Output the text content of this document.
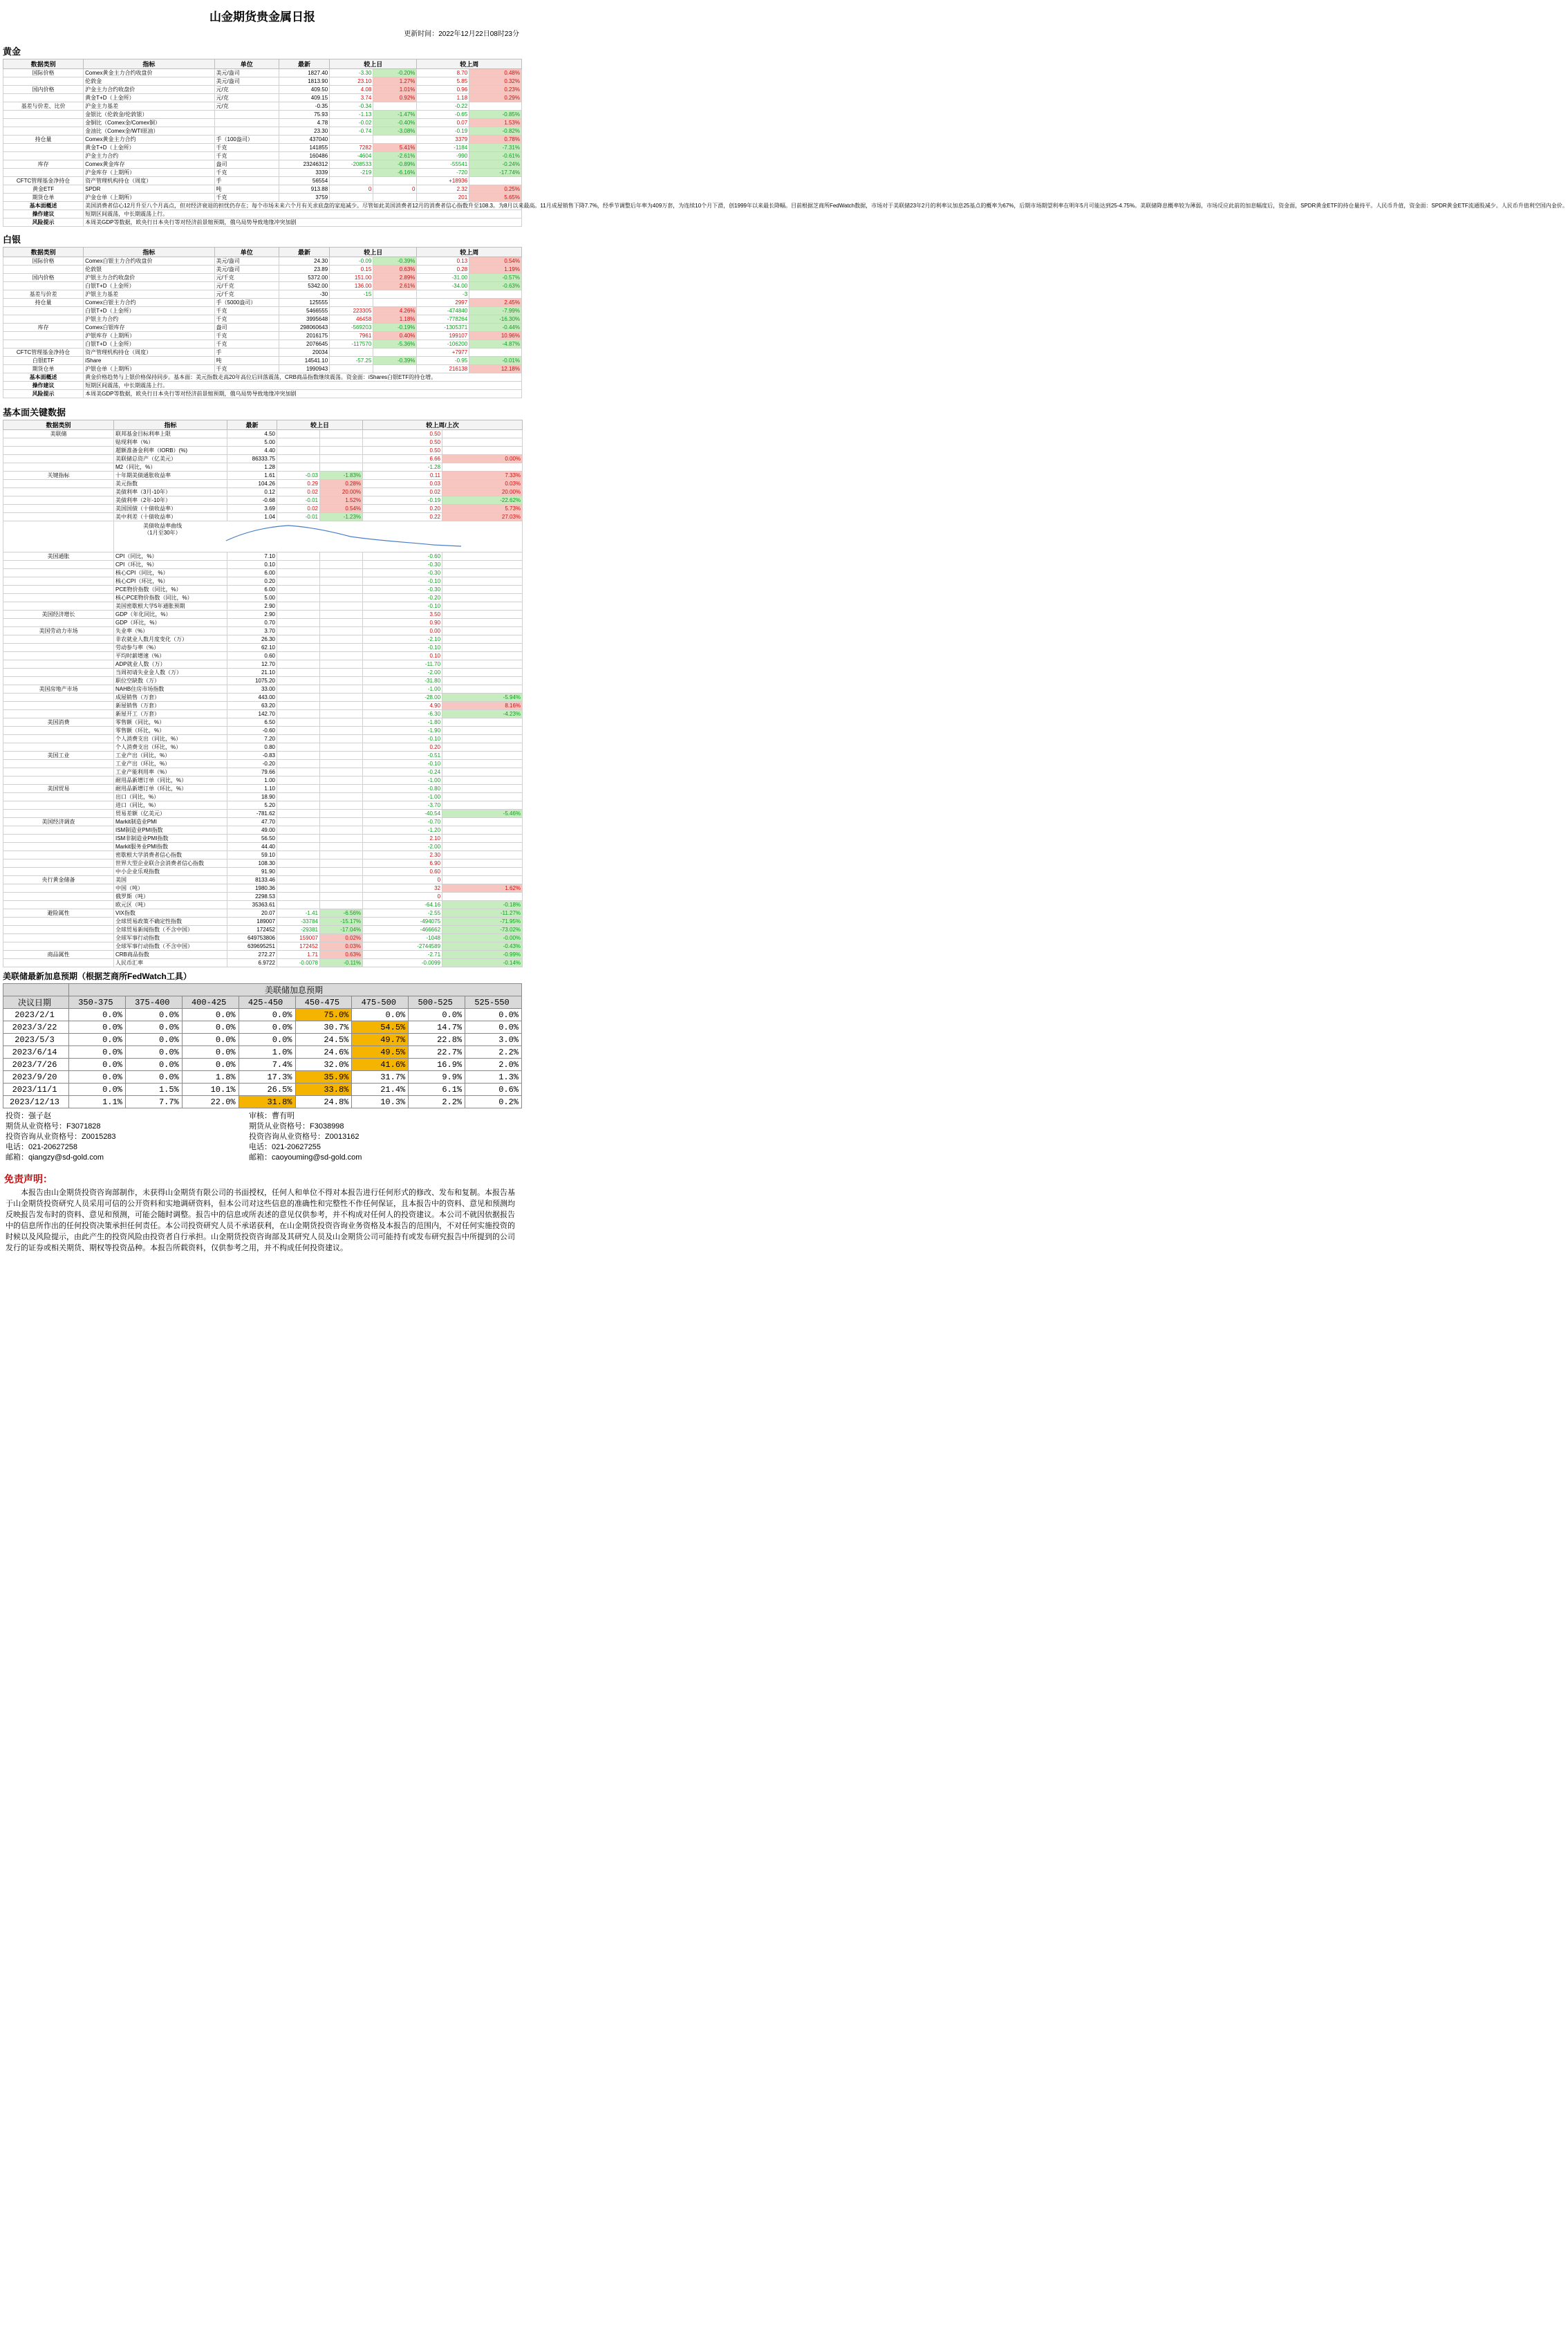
山金期货贵金属日报
更新时间：2022年12月22日08时23分
黄金
数据类别	指标	单位	最新	较上日		较上周	
国际价格	Comex黄金主力合约收盘价	美元/盎司	1827.40	-3.30	-0.20%	8.70	0.48%
	伦敦金	美元/盎司	1813.90	23.10	1.27%	5.85	0.32%
国内价格	沪金主力合约收盘价	元/克	409.50	4.08	1.01%	0.96	0.23%
	黄金T+D（上金所）	元/克	409.15	3.74	0.92%	1.18	0.29%
基差与价差、比价	沪金主力基差	元/克	-0.35	-0.34		-0.22	
	金银比（伦敦金/伦敦银）		75.93	-1.13	-1.47%	-0.65	-0.85%
	金铜比（Comex金/Comex铜）		4.78	-0.02	-0.40%	0.07	1.53%
	金油比（Comex金/WTI原油）		23.30	-0.74	-3.08%	-0.19	-0.82%
持仓量	Comex黄金主力合约	手（100盎司）	437040			3379	0.78%
	黄金T+D（上金所）	千克	141855	7282	5.41%	-1184	-7.31%
	沪金主力合约	千克	160486	-4604	-2.61%	-990	-0.61%
库存	Comex黄金库存	盎司	23246312	-208533	-0.89%	-55541	-0.24%
	沪金库存（上期所）	千克	3339	-219	-6.16%	-720	-17.74%
CFTC管理基金净持仓	资产管理机构持仓（周度）	手	56554			+18936	
黄金ETF	SPDR	吨	913.88	0	0	2.32	0.25%
期货仓单	沪金仓单（上期所）	千克	3759			201	5.65%
基本面概述	美国消费者信心12月升至八个月高点，但对经济衰退的担忧仍存在；每个市场未来六个月有关求底盘的家庭减少。尽管如此美国消费者12月的消费者信心指数升至108.3。为8月以来最高。11月成屋销售下降7.7%，经季节调整后年率为409万套，为连续10个月下滑，创1999年以来最长降幅。目前根据芝商所FedWatch数据，市场对于美联储23年2月的利率议加息25基点的概率为67%，后期市场期望利率在明年5月可能达到25-4.75%。美联储降息概率较为薄弱，市场反应此前的加息幅度后，资金面，SPDR黄金ETF的持仓量持平。人民币升值，资金面：SPDR黄金ETF流通股减少。人民币升值利空国内金价。						
操作建议	短期区间震荡，中长期震荡上行。						
风险提示	本周美GDP等数据，欧央行日本央行等对经济前景缩预期，俄乌局势导致地缘冲突加剧						
白银
数据类别	指标	单位	最新	较上日		较上周	
国际价格	Comex白银主力合约收盘价	美元/盎司	24.30	-0.09	-0.39%	0.13	0.54%
	伦敦银	美元/盎司	23.89	0.15	0.63%	0.28	1.19%
国内价格	沪银主力合约收盘价	元/千克	5372.00	151.00	2.89%	-31.00	-0.57%
	白银T+D（上金所）	元/千克	5342.00	136.00	2.61%	-34.00	-0.63%
基差与价差	沪银主力基差	元/千克	-30	-15		-3	
持仓量	Comex白银主力合约	手（5000盎司）	125555			2997	2.45%
	白银T+D（上金所）	千克	5466555	223305	4.26%	-474840	-7.99%
	沪银主力合约	千克	3995648	46458	1.18%	-778264	-16.30%
库存	Comex白银库存	盎司	298060643	-569203	-0.19%	-1305371	-0.44%
	沪银库存（上期所）	千克	2016175	7961	0.40%	199107	10.96%
	白银T+D（上金所）	千克	2076645	-117570	-5.36%	-106200	-4.87%
CFTC管理基金净持仓	资产管理机构持仓（周度）	手	20034			+7977	
白银ETF	iShare	吨	14541.10	-57.25	-0.39%	-0.95	-0.01%
期货仓单	沪银仓单（上期所）	千克	1990943			216138	12.18%
基本面概述	黄金价格趋势与上银价格保持同步。基本面：美元指数走高20年高位后回落震荡，CRB商品指数继续震荡。资金面：iShares白银ETF的持仓增。						
操作建议	短期区间震荡，中长期震荡上行。						
风险提示	本周美GDP等数据，欧央行日本央行等对经济前景缩预期，俄乌局势导致地缘冲突加剧						
基本面关键数据
数据类别	指标	最新	较上日		较上周/上次	
美联储	联邦基金目标利率上限	4.50			0.50	
	贴现利率（%）	5.00			0.50	
	超额准备金利率（IORB）(%)	4.40			0.50	
	美联储总资产（亿美元）	86333.75			6.66	0.00%
	M2（同比，%）	1.28			-1.28	
关键指标	十年期美债通胀收益率	1.61	-0.03	-1.83%	0.11	7.33%
	美元指数	104.26	0.29	0.28%	0.03	0.03%
	美债利率（3月-10年）	0.12	0.02	20.00%	0.02	20.00%
	美债利率（2年-10年）	-0.68	-0.01	1.52%	-0.19	-22.62%
	美国国债（十债收益率）	3.69	0.02	0.54%	0.20	5.73%
	美中利差（十债收益率）	1.04	-0.01	-1.23%	0.22	27.03%

	美债收益率曲线
（1月至30年）					

美国通胀	CPI（同比，%）	7.10			-0.60	
	CPI（环比，%）	0.10			-0.30	
	核心CPI（同比，%）	6.00			-0.30	
	核心CPI（环比，%）	0.20			-0.10	
	PCE物价指数（同比，%）	6.00			-0.30	
	核心PCE物价指数（同比，%）	5.00			-0.20	
	美国密歇根大学5年通胀预期	2.90			-0.10	
美国经济增长	GDP（年化同比，%）	2.90			3.50	
	GDP（环比，%）	0.70			0.90	
美国劳动力市场	失业率（%）	3.70			0.00	
	非农就业人数月度变化（万）	26.30			-2.10	
	劳动参与率（%）	62.10			-0.10	
	平均时薪增速（%）	0.60			0.10	
	ADP就业人数（万）	12.70			-11.70	
	当周初请失业金人数（万）	21.10			-2.00	
	职位空缺数（万）	1075.20			-31.80	
美国房地产市场	NAHB住房市场指数	33.00			-1.00	
	成屋销售（万套）	443.00			-28.00	-5.94%
	新屋销售（万套）	63.20			4.90	8.16%
	新屋开工（万套）	142.70			-6.30	-4.23%
美国消费	零售额（同比，%）	6.50			-1.80	
	零售额（环比，%）	-0.60			-1.90	
	个人消费支出（同比，%）	7.20			-0.10	
	个人消费支出（环比，%）	0.80			0.20	
美国工业	工业产出（同比，%）	-0.83			-0.51	
	工业产出（环比，%）	-0.20			-0.10	
	工业产能利用率（%）	79.66			-0.24	
	耐用品新增订单（同比，%）	1.00			-1.00	
美国贸易	耐用品新增订单（环比，%）	1.10			-0.80	
	出口（同比，%）	18.90			-1.00	
	进口（同比，%）	5.20			-3.70	
	贸易差额（亿美元）	-781.62			-40.54	-5.46%
美国经济调查	Markit制造业PMI	47.70			-0.70	
	ISM制造业PMI指数	49.00			-1.20	
	ISM非制造业PMI指数	56.50			2.10	
	Markit服务业PMI指数	44.40			-2.00	
	密歇根大学消费者信心指数	59.10			2.30	
	世界大型企业联合会消费者信心指数	108.30			6.90	
	中小企业乐观指数	91.90			0.60	
央行黄金储备	美国	8133.46			0	
	中国（吨）	1980.36			32	1.62%
	俄罗斯（吨）	2298.53			0	
	欧元区（吨）	35363.61			-64.16	-0.18%
避险属性	VIX指数	20.07	-1.41	-6.56%	-2.55	-11.27%
	全球贸易政策不确定性指数	189007	-33784	-15.17%	-494075	-71.95%
	全球贸易新闻指数（不含中国）	172452	-29381	-17.04%	-466662	-73.02%
	全球军事行动指数	649753806	159007	0.02%	-1048	-0.00%
	全球军事行动指数（不含中国）	639695251	172452	0.03%	-2744589	-0.43%
商品属性	CRB商品指数	272.27	1.71	0.63%	-2.71	-0.99%
	人民币汇率	6.9722	-0.0078	-0.11%	-0.0099	-0.14%
美联储最新加息预期（根据芝商所FedWatch工具）
	美联储加息预期							
决议日期	350-375	375-400	400-425	425-450	450-475	475-500	500-525	525-550
2023/2/1	0.0%	0.0%	0.0%	0.0%	75.0%	0.0%	0.0%	0.0%
2023/3/22	0.0%	0.0%	0.0%	0.0%	30.7%	54.5%	14.7%	0.0%
2023/5/3	0.0%	0.0%	0.0%	0.0%	24.5%	49.7%	22.8%	3.0%
2023/6/14	0.0%	0.0%	0.0%	1.0%	24.6%	49.5%	22.7%	2.2%
2023/7/26	0.0%	0.0%	0.0%	7.4%	32.0%	41.6%	16.9%	2.0%
2023/9/20	0.0%	0.0%	1.8%	17.3%	35.9%	31.7%	9.9%	1.3%
2023/11/1	0.0%	1.5%	10.1%	26.5%	33.8%	21.4%	6.1%	0.6%
2023/12/13	1.1%	7.7%	22.0%	31.8%	24.8%	10.3%	2.2%	0.2%
投资：强子赵
期货从业资格号：F3071828
投资咨询从业资格号：Z0015283
电话：021-20627258
邮箱：qiangzy@sd-gold.com
审核：曹有明
期货从业资格号：F3038998
投资咨询从业资格号：Z0013162
电话：021-20627255
邮箱：caoyouming@sd-gold.com
免责声明：
本报告由山金期货投资咨询部制作，未获得山金期货有限公司的书面授权，任何人和单位不得对本报告进行任何形式的修改、发布和复制。本报告基于山金期货投资研究人员采用可信的公开资料和实地调研资料，但本公司对这些信息的准确性和完整性不作任何保证，且本报告中的资料、意见和预测均反映报告发布时的资料、意见和预测，可能会随时调整。报告中的信息或所表述的意见仅供参考，并不构成对任何人的投资建议。本公司不就因依据报告中的信息所作出的任何投资决策承担任何责任。本公司投资研究人员不承诺获利，在山金期货投资咨询业务资格及本报告的范围内，不对任何实施投资的时候以及风险提示，由此产生的投资风险由投资者自行承担。山金期货投资咨询部及其研究人员及山金期货公司可能持有或发布研究报告中所提到的公司发行的证券或相关期货、期权等投资品种。本报告所载资料，仅供参考之用，并不构成任何投资建议。
